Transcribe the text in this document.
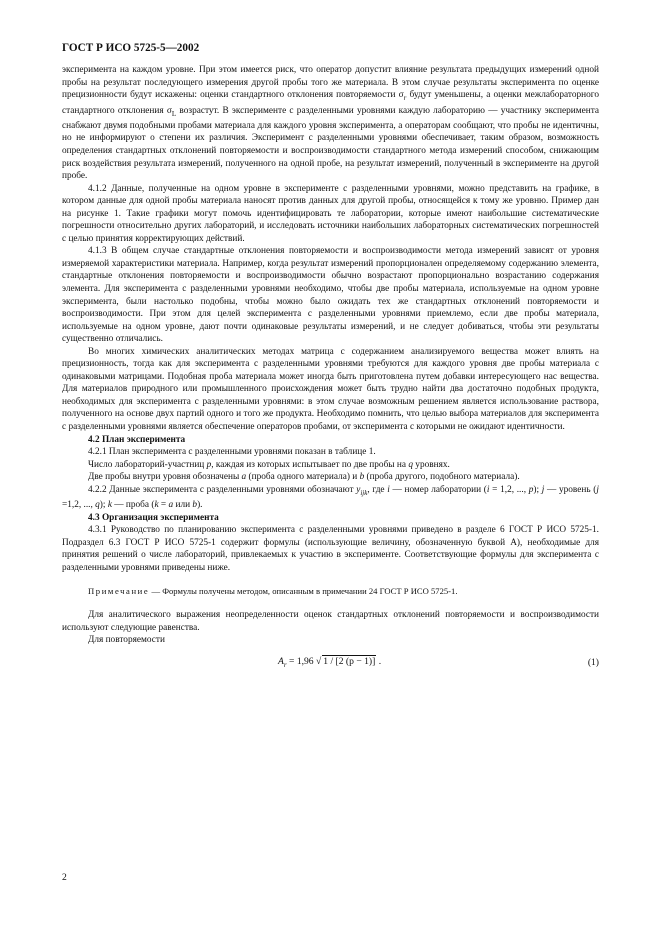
ГОСТ Р ИСО 5725-5—2002

эксперимента на каждом уровне. При этом имеется риск, что оператор допустит влияние результата предыдущих измерений одной пробы на результат последующего измерения другой пробы того же материала. В этом случае результаты эксперимента по оценке прецизионности будут искажены: оценки стандартного отклонения повторяемости $\sigma_r$ будут уменьшены, а оценки межлабораторного стандартного отклонения $\sigma_L$ возрастут. В эксперименте с разделенными уровнями каждую лабораторию — участнику эксперимента снабжают двумя подобными пробами материала для каждого уровня эксперимента, а операторам сообщают, что пробы не идентичны, но не информируют о степени их различия. Эксперимент с разделенными уровнями обеспечивает, таким образом, возможность определения стандартных отклонений повторяемости и воспроизводимости стандартного метода измерений способом, снижающим риск воздействия результата измерений, полученного на одной пробе, на результат измерений, полученный в эксперименте на другой пробе.

4.1.2 Данные, полученные на одном уровне в эксперименте с разделенными уровнями, можно представить на графике, в котором данные для одной пробы материала наносят против данных для другой пробы, относящейся к тому же уровню. Пример дан на рисунке 1. Такие графики могут помочь идентифицировать те лаборатории, которые имеют наибольшие систематические погрешности относительно других лабораторий, и исследовать источники наибольших лабораторных систематических погрешностей с целью принятия корректирующих действий.

4.1.3 В общем случае стандартные отклонения повторяемости и воспроизводимости метода измерений зависят от уровня измеряемой характеристики материала. Например, когда результат измерений пропорционален определяемому содержанию элемента, стандартные отклонения повторяемости и воспроизводимости обычно возрастают пропорционально возрастанию содержания элемента. Для эксперимента с разделенными уровнями необходимо, чтобы две пробы материала, используемые на одном уровне эксперимента, были настолько подобны, чтобы можно было ожидать тех же стандартных отклонений повторяемости и воспроизводимости. При этом для целей эксперимента с разделенными уровнями приемлемо, если две пробы материала, используемые на одном уровне, дают почти одинаковые результаты измерений, и не следует добиваться, чтобы эти результаты существенно отличались.

Во многих химических аналитических методах матрица с содержанием анализируемого вещества может влиять на прецизионность, тогда как для эксперимента с разделенными уровнями требуются для каждого уровня две пробы материала с одинаковыми матрицами. Подобная проба материала может иногда быть приготовлена путем добавки интересующего нас вещества. Для материалов природного или промышленного происхождения может быть трудно найти два достаточно подобных продукта, необходимых для эксперимента с разделенными уровнями: в этом случае возможным решением является использование раствора, полученного на основе двух партий одного и того же продукта. Необходимо помнить, что целью выбора материалов для эксперимента с разделенными уровнями является обеспечение операторов пробами, от эксперимента с которыми не ожидают идентичности.

4.2 План эксперимента

4.2.1 План эксперимента с разделенными уровнями показан в таблице 1.

Число лабораторий-участниц p, каждая из которых испытывает по две пробы на q уровнях.

Две пробы внутри уровня обозначены a (проба одного материала) и b (проба другого, подобного материала).

4.2.2 Данные эксперимента с разделенными уровнями обозначают $y_{ijk}$, где i — номер лаборатории (i = 1,2, ..., p); j — уровень (j =1,2, ..., q); k — проба (k = a или b).

4.3 Организация эксперимента

4.3.1 Руководство по планированию эксперимента с разделенными уровнями приведено в разделе 6 ГОСТ Р ИСО 5725-1. Подраздел 6.3 ГОСТ Р ИСО 5725-1 содержит формулы (использующие величину, обозначенную буквой А), необходимые для принятия решений о числе лабораторий, привлекаемых к участию в эксперименте. Соответствующие формулы для эксперимента с разделенными уровнями приведены ниже.

Примечание — Формулы получены методом, описанным в примечании 24 ГОСТ Р ИСО 5725-1.

Для аналитического выражения неопределенности оценок стандартных отклонений повторяемости и воспроизводимости используют следующие равенства.

Для повторяемости

$A_r = 1,96$ √ 1 / [2 (p − 1)] .	(1)
2
